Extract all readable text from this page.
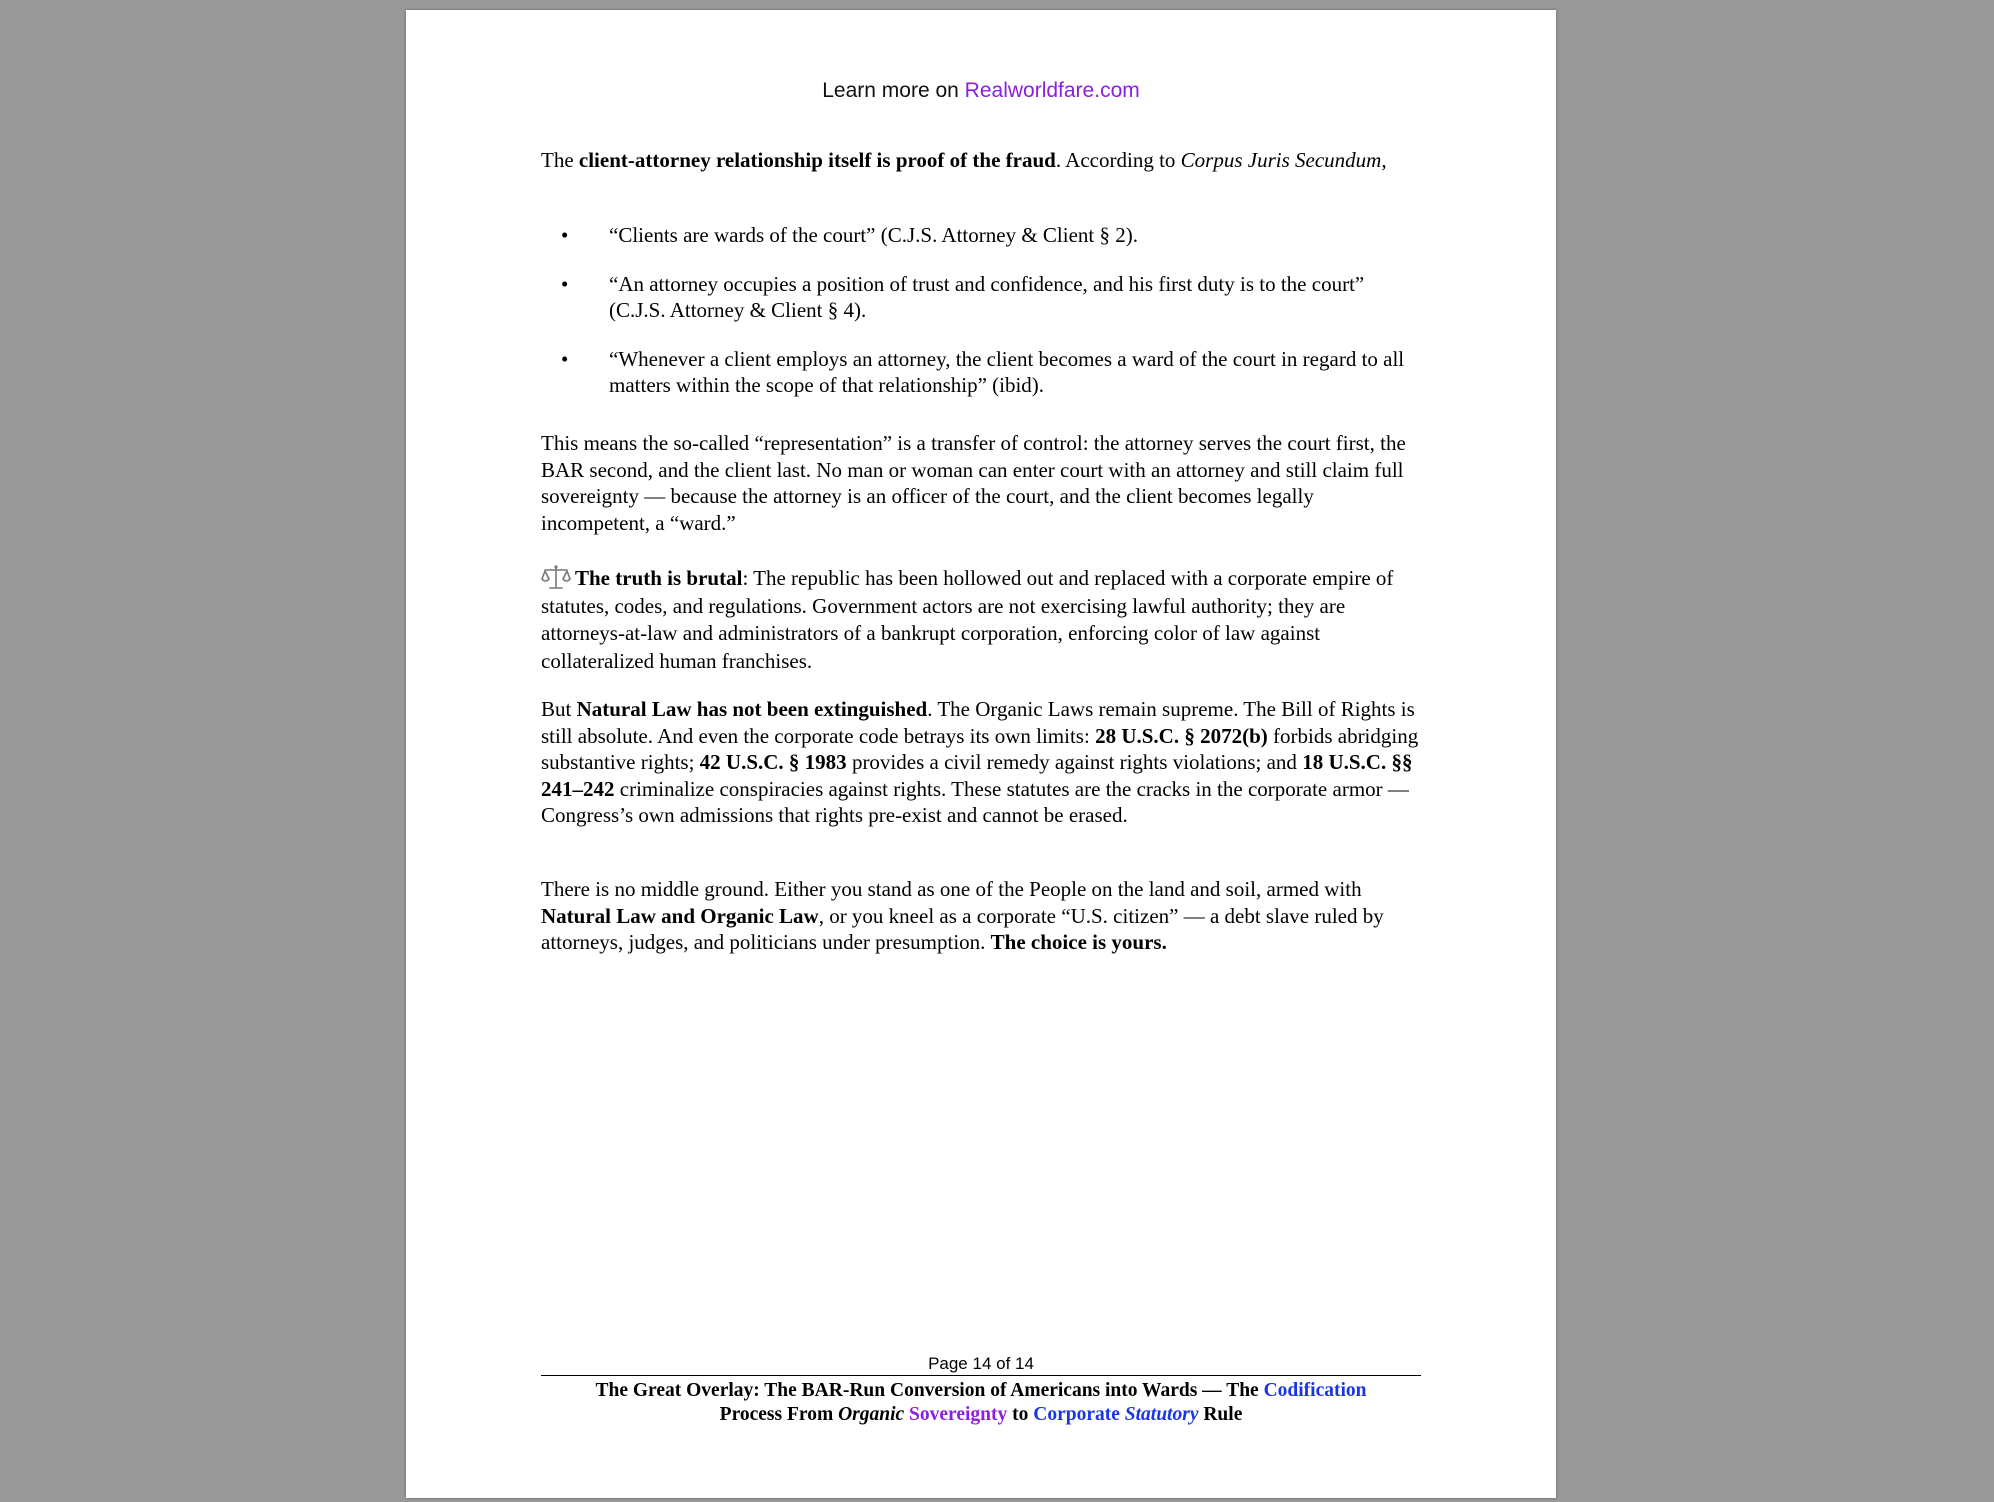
Learn more on Realworldfare.com

The client-attorney relationship itself is proof of the fraud. According to Corpus Juris Secundum,

• “Clients are wards of the court” (C.J.S. Attorney & Client § 2).
• “An attorney occupies a position of trust and confidence, and his first duty is to the court” (C.J.S. Attorney & Client § 4).
• “Whenever a client employs an attorney, the client becomes a ward of the court in regard to all matters within the scope of that relationship” (ibid).

This means the so-called “representation” is a transfer of control: the attorney serves the court first, the BAR second, and the client last. No man or woman can enter court with an attorney and still claim full sovereignty — because the attorney is an officer of the court, and the client becomes legally incompetent, a “ward.”

The truth is brutal: The republic has been hollowed out and replaced with a corporate empire of statutes, codes, and regulations. Government actors are not exercising lawful authority; they are attorneys-at-law and administrators of a bankrupt corporation, enforcing color of law against collateralized human franchises.

But Natural Law has not been extinguished. The Organic Laws remain supreme. The Bill of Rights is still absolute. And even the corporate code betrays its own limits: 28 U.S.C. § 2072(b) forbids abridging substantive rights; 42 U.S.C. § 1983 provides a civil remedy against rights violations; and 18 U.S.C. §§ 241–242 criminalize conspiracies against rights. These statutes are the cracks in the corporate armor — Congress’s own admissions that rights pre-exist and cannot be erased.

There is no middle ground. Either you stand as one of the People on the land and soil, armed with Natural Law and Organic Law, or you kneel as a corporate “U.S. citizen” — a debt slave ruled by attorneys, judges, and politicians under presumption. The choice is yours.

Page 14 of 14
The Great Overlay: The BAR-Run Conversion of Americans into Wards — The Codification
Process From Organic Sovereignty to Corporate Statutory Rule
